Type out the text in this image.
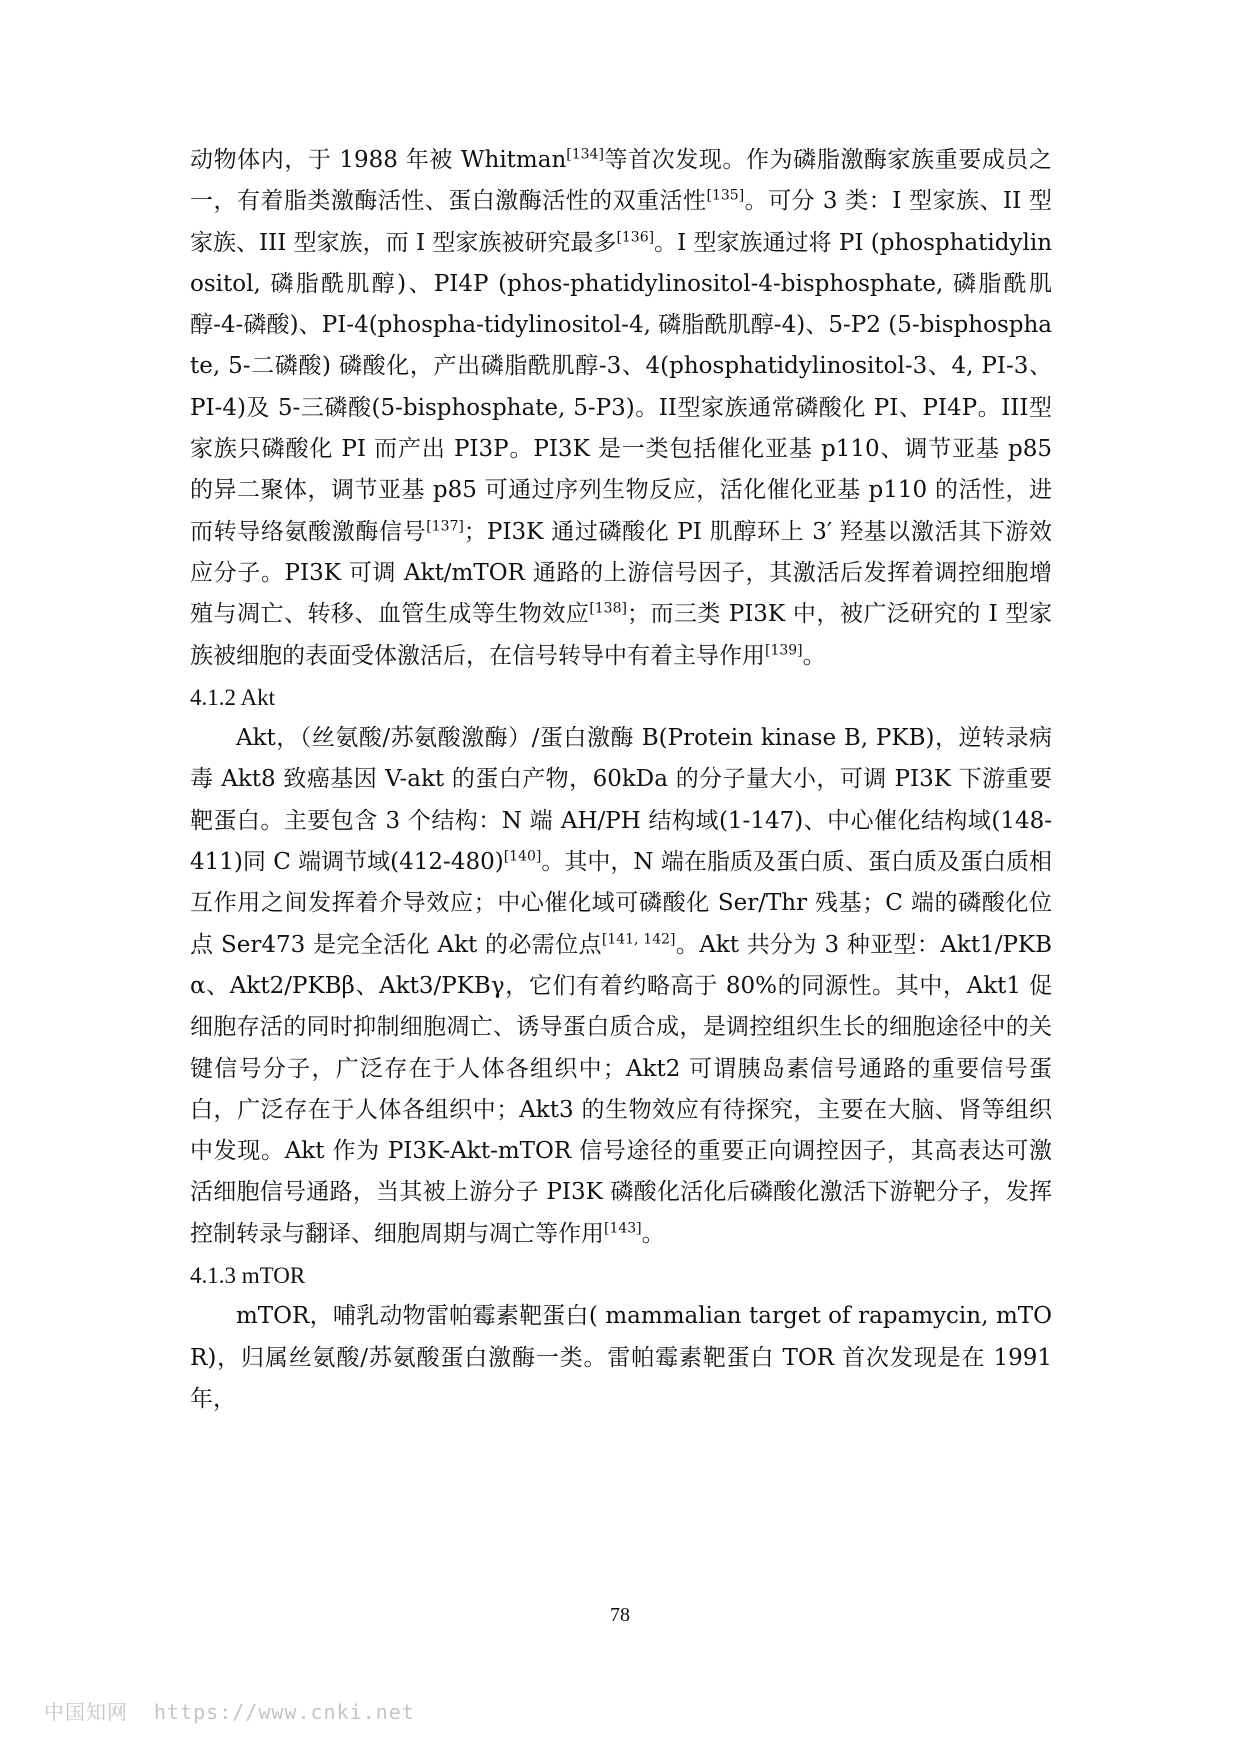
动物体内，于 1988 年被 Whitman[134]等首次发现。作为磷脂激酶家族重要成员之一，有着脂类激酶活性、蛋白激酶活性的双重活性[135]。可分 3 类：I 型家族、II 型家族、III 型家族，而 I 型家族被研究最多[136]。I 型家族通过将 PI (phosphatidylinositol, 磷脂酰肌醇)、PI4P (phos-phatidylinositol-4-bisphosphate, 磷脂酰肌醇-4-磷酸)、PI-4(phospha-tidylinositol-4, 磷脂酰肌醇-4)、5-P2 (5-bisphosphate, 5-二磷酸) 磷酸化，产出磷脂酰肌醇-3、4(phosphatidylinositol-3、4, PI-3、PI-4)及 5-三磷酸(5-bisphosphate, 5-P3)。II型家族通常磷酸化 PI、PI4P。III型家族只磷酸化 PI 而产出 PI3P。PI3K 是一类包括催化亚基 p110、调节亚基 p85 的异二聚体，调节亚基 p85 可通过序列生物反应，活化催化亚基 p110 的活性，进而转导络氨酸激酶信号[137]；PI3K 通过磷酸化 PI 肌醇环上 3′ 羟基以激活其下游效应分子。PI3K 可调 Akt/mTOR 通路的上游信号因子，其激活后发挥着调控细胞增殖与凋亡、转移、血管生成等生物效应[138]；而三类 PI3K 中，被广泛研究的 I 型家族被细胞的表面受体激活后，在信号转导中有着主导作用[139]。

4.1.2 Akt

Akt，（丝氨酸/苏氨酸激酶）/蛋白激酶 B(Protein kinase B, PKB)，逆转录病毒 Akt8 致癌基因 V-akt 的蛋白产物，60kDa 的分子量大小，可调 PI3K 下游重要靶蛋白。主要包含 3 个结构：N 端 AH/PH 结构域(1-147)、中心催化结构域(148-411)同 C 端调节域(412-480)[140]。其中，N 端在脂质及蛋白质、蛋白质及蛋白质相互作用之间发挥着介导效应；中心催化域可磷酸化 Ser/Thr 残基；C 端的磷酸化位点 Ser473 是完全活化 Akt 的必需位点[141, 142]。Akt 共分为 3 种亚型：Akt1/PKBα、Akt2/PKBβ、Akt3/PKBγ，它们有着约略高于 80%的同源性。其中，Akt1 促细胞存活的同时抑制细胞凋亡、诱导蛋白质合成，是调控组织生长的细胞途径中的关键信号分子，广泛存在于人体各组织中；Akt2 可谓胰岛素信号通路的重要信号蛋白，广泛存在于人体各组织中；Akt3 的生物效应有待探究，主要在大脑、肾等组织中发现。Akt 作为 PI3K-Akt-mTOR 信号途径的重要正向调控因子，其高表达可激活细胞信号通路，当其被上游分子 PI3K 磷酸化活化后磷酸化激活下游靶分子，发挥控制转录与翻译、细胞周期与凋亡等作用[143]。

4.1.3 mTOR

mTOR，哺乳动物雷帕霉素靶蛋白( mammalian target of rapamycin, mTOR)，归属丝氨酸/苏氨酸蛋白激酶一类。雷帕霉素靶蛋白 TOR 首次发现是在 1991 年，

78
中国知网 https://www.cnki.net
